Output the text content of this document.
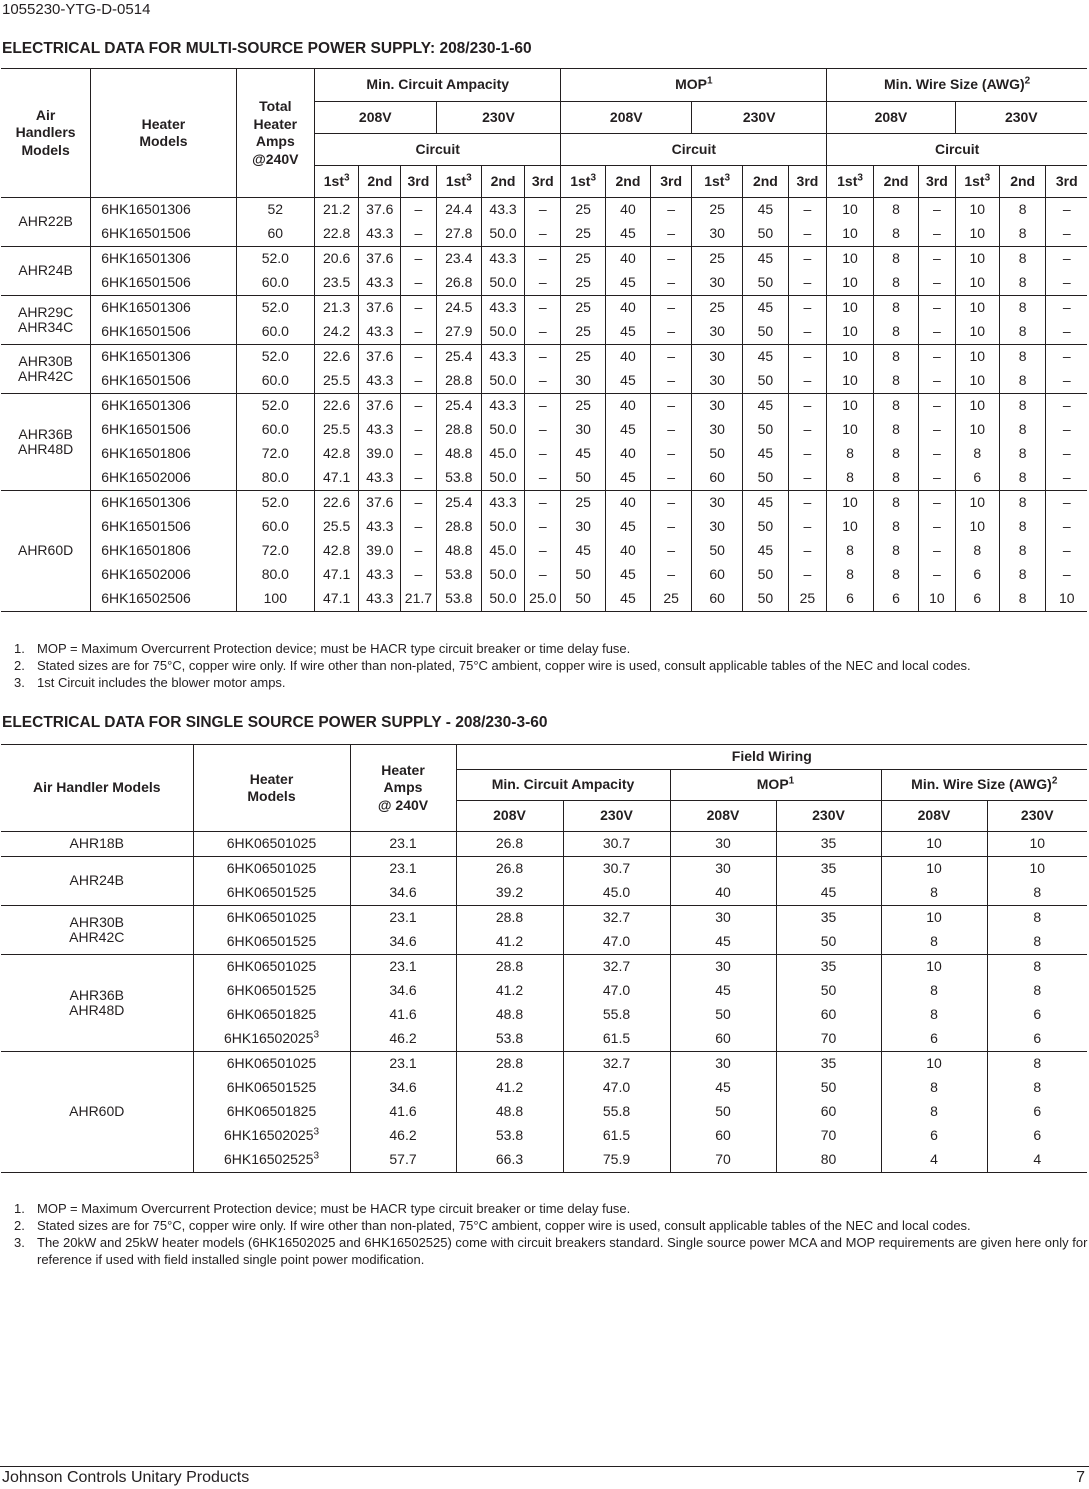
1055230-YTG-D-0514
ELECTRICAL DATA FOR MULTI-SOURCE POWER SUPPLY: 208/230-1-60
Air
Handlers
Models	Heater
Models	Total
Heater
Amps
@240V	Min. Circuit Ampacity						MOP$^1$						Min. Wire Size (AWG)$^2$
			208V			230V			208V			230V			208V			230V		
			Circuit						Circuit						Circuit					
			$1st^3$	2nd	3rd	$1st^3$	2nd	3rd	$1st^3$	2nd	3rd	$1st^3$	2nd	3rd	$1st^3$	2nd	3rd	$1st^3$	2nd	3rd
AHR22B	6HK16501306	52	21.2	37.6	–	24.4	43.3	–	25	40	–	25	45	–	10	8	–	10	8	–
	6HK16501506	60	22.8	43.3	–	27.8	50.0	–	25	45	–	30	50	–	10	8	–	10	8	–
AHR24B	6HK16501306	52.0	20.6	37.6	–	23.4	43.3	–	25	40	–	25	45	–	10	8	–	10	8	–
	6HK16501506	60.0	23.5	43.3	–	26.8	50.0	–	25	45	–	30	50	–	10	8	–	10	8	–
AHR29C
AHR34C	6HK16501306	52.0	21.3	37.6	–	24.5	43.3	–	25	40	–	25	45	–	10	8	–	10	8	–
	6HK16501506	60.0	24.2	43.3	–	27.9	50.0	–	25	45	–	30	50	–	10	8	–	10	8	–
AHR30B
AHR42C	6HK16501306	52.0	22.6	37.6	–	25.4	43.3	–	25	40	–	30	45	–	10	8	–	10	8	–
	6HK16501506	60.0	25.5	43.3	–	28.8	50.0	–	30	45	–	30	50	–	10	8	–	10	8	–
AHR36B
AHR48D	6HK16501306	52.0	22.6	37.6	–	25.4	43.3	–	25	40	–	30	45	–	10	8	–	10	8	–
	6HK16501506	60.0	25.5	43.3	–	28.8	50.0	–	30	45	–	30	50	–	10	8	–	10	8	–
	6HK16501806	72.0	42.8	39.0	–	48.8	45.0	–	45	40	–	50	45	–	8	8	–	8	8	–
	6HK16502006	80.0	47.1	43.3	–	53.8	50.0	–	50	45	–	60	50	–	8	8	–	6	8	–
AHR60D	6HK16501306	52.0	22.6	37.6	–	25.4	43.3	–	25	40	–	30	45	–	10	8	–	10	8	–
	6HK16501506	60.0	25.5	43.3	–	28.8	50.0	–	30	45	–	30	50	–	10	8	–	10	8	–
	6HK16501806	72.0	42.8	39.0	–	48.8	45.0	–	45	40	–	50	45	–	8	8	–	8	8	–
	6HK16502006	80.0	47.1	43.3	–	53.8	50.0	–	50	45	–	60	50	–	8	8	–	6	8	–
	6HK16502506	100	47.1	43.3	21.7	53.8	50.0	25.0	50	45	25	60	50	25	6	6	10	6	8	10
1. MOP = Maximum Overcurrent Protection device; must be HACR type circuit breaker or time delay fuse.
2. Stated sizes are for 75°C, copper wire only. If wire other than non-plated, 75°C ambient, copper wire is used, consult applicable tables of the NEC and local codes.
3. 1st Circuit includes the blower motor amps.
ELECTRICAL DATA FOR SINGLE SOURCE POWER SUPPLY - 208/230-3-60
Air Handler Models	Heater
Models	Heater
Amps
@ 240V	Field Wiring					
			Min. Circuit Ampacity		MOP$^1$		Min. Wire Size (AWG)$^2$
			208V	230V	208V	230V	208V	230V
AHR18B	6HK06501025	23.1	26.8	30.7	30	35	10	10
AHR24B	6HK06501025	23.1	26.8	30.7	30	35	10	10
	6HK06501525	34.6	39.2	45.0	40	45	8	8
AHR30B
AHR42C	6HK06501025	23.1	28.8	32.7	30	35	10	8
	6HK06501525	34.6	41.2	47.0	45	50	8	8
AHR36B
AHR48D	6HK06501025	23.1	28.8	32.7	30	35	10	8
	6HK06501525	34.6	41.2	47.0	45	50	8	8
	6HK06501825	41.6	48.8	55.8	50	60	8	6
	6HK16502025$^3$	46.2	53.8	61.5	60	70	6	6
AHR60D	6HK06501025	23.1	28.8	32.7	30	35	10	8
	6HK06501525	34.6	41.2	47.0	45	50	8	8
	6HK06501825	41.6	48.8	55.8	50	60	8	6
	6HK16502025$^3$	46.2	53.8	61.5	60	70	6	6
	6HK16502525$^3$	57.7	66.3	75.9	70	80	4	4
1. MOP = Maximum Overcurrent Protection device; must be HACR type circuit breaker or time delay fuse.
2. Stated sizes are for 75°C, copper wire only. If wire other than non-plated, 75°C ambient, copper wire is used, consult applicable tables of the NEC and local codes.
3. The 20kW and 25kW heater models (6HK16502025 and 6HK16502525) come with circuit breakers standard. Single source power MCA and MOP requirements are given here only for reference if used with field installed single point power modification.
Johnson Controls Unitary Products	7
